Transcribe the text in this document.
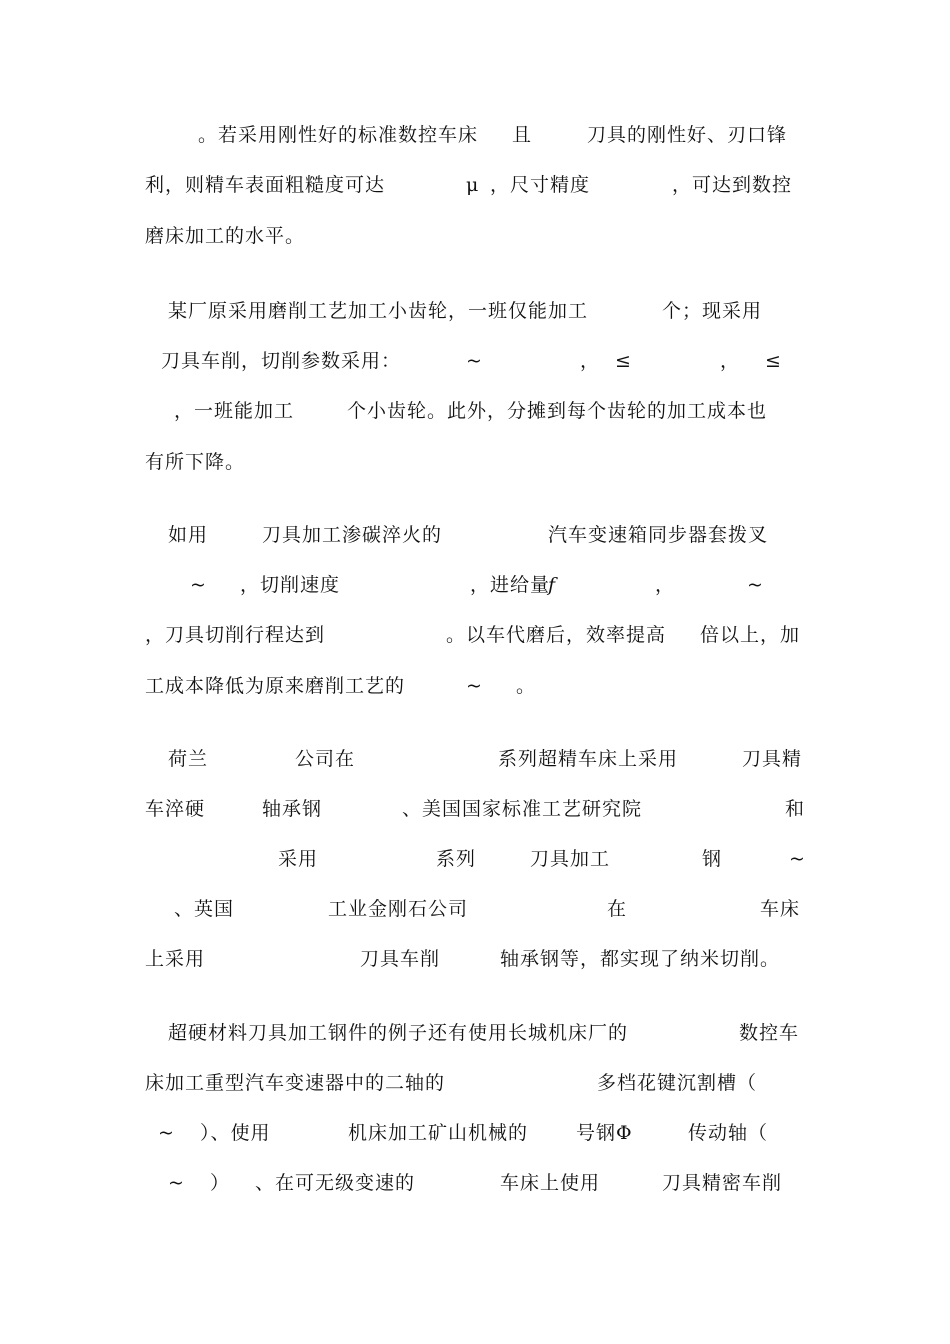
。若采用刚性好的标准数控车床 且	刀具的刚性好、刃口锋
利，则精车表面粗糙度可达	μ ，尺寸精度	，可达到数控
磨床加工的水平。
某厂原采用磨削工艺加工小齿轮，一班仅能加工	个；现采用
刀具车削，切削参数采用：	~	， ≤	， ≤
，一班能加工	个小齿轮。此外，分摊到每个齿轮的加工成本也
有所下降。
如用	刀具加工渗碳淬火的	汽车变速箱同步器套拨叉
~ ，切削速度	，进给量
f	，	~
，刀具切削行程达到	。以车代磨后，效率提高 倍以上，加
工成本降低为原来磨削工艺的	~ 。
荷兰	公司在	系列超精车床上采用	刀具精
车淬硬	轴承钢	、美国国家标准工艺研究院	和
采用	系列	刀具加工	钢	~
、英国	工业金刚石公司	在	车床
上采用	刀具车削	轴承钢等，都实现了纳米切削。
超硬材料刀具加工钢件的例子还有使用长城机床厂的	数控车
床加工重型汽车变速器中的二轴的	多档花键沉割槽（
~ ）、使用	机床加工矿山机械的	号钢Φ	传动轴（
~ ） 、在可无级变速的	车床上使用	刀具精密车削
